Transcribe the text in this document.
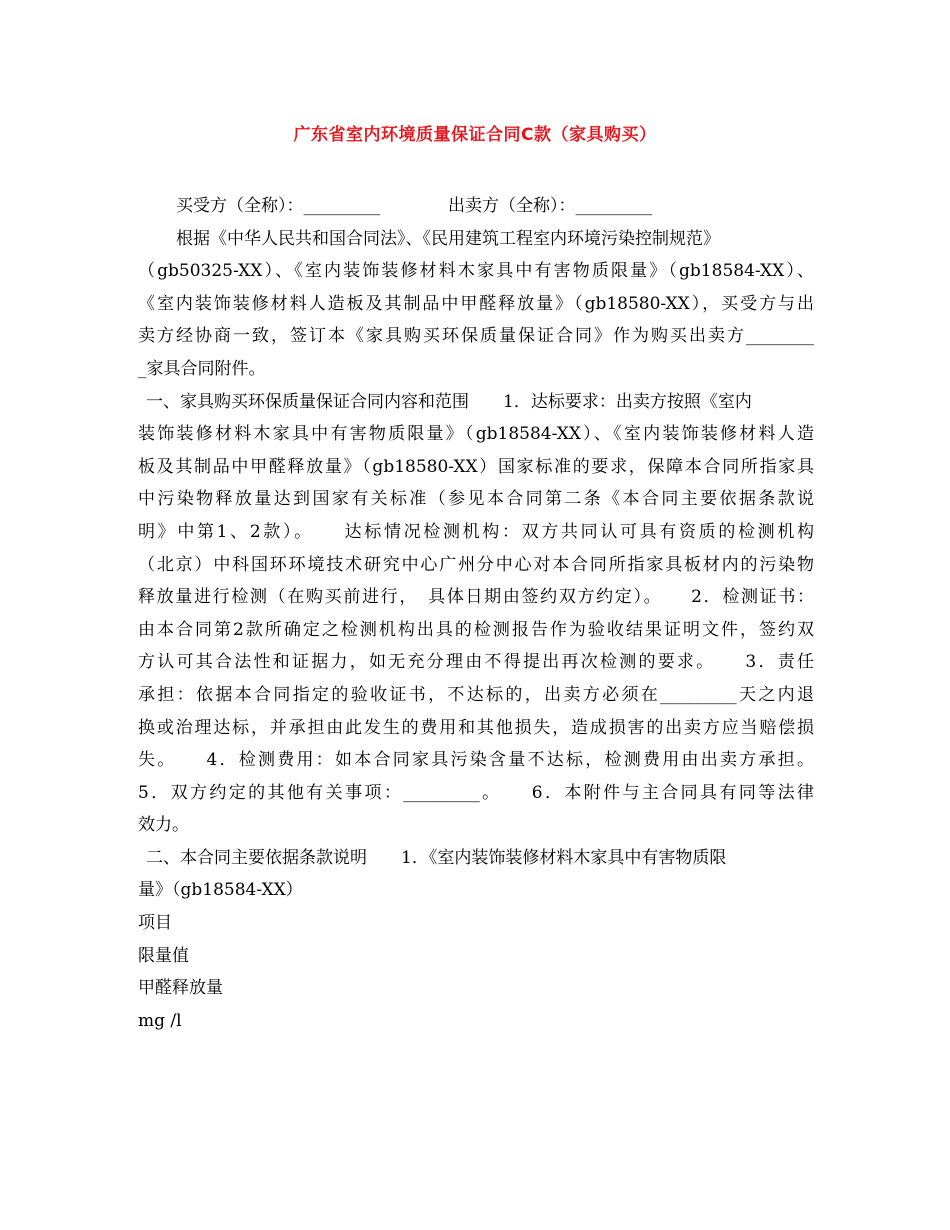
广东省室内环境质量保证合同C款（家具购买）
买受方（全称）：_________	出卖方（全称）：_________
根据《中华人民共和国合同法》、《民用建筑工程室内环境污染控制规范》
（gb50325-XX）、《室内装饰装修材料木家具中有害物质限量》（gb18584-XX）、
《室内装饰装修材料人造板及其制品中甲醛释放量》（gb18580-XX），买受方与出
卖方经协商一致，签订本《家具购买环保质量保证合同》作为购买出卖方________
_家具合同附件。
一、家具购买环保质量保证合同内容和范围　　1．达标要求：出卖方按照《室内
装饰装修材料木家具中有害物质限量》（gb18584-XX）、《室内装饰装修材料人造
板及其制品中甲醛释放量》（gb18580-XX）国家标准的要求，保障本合同所指家具
中污染物释放量达到国家有关标准（参见本合同第二条《本合同主要依据条款说
明》中第1、2款）。　　达标情况检测机构：双方共同认可具有资质的检测机构
（北京）中科国环环境技术研究中心广州分中心对本合同所指家具板材内的污染物
释放量进行检测（在购买前进行，　具体日期由签约双方约定）。　　2．检测证书：
由本合同第2款所确定之检测机构出具的检测报告作为验收结果证明文件，签约双
方认可其合法性和证据力，如无充分理由不得提出再次检测的要求。　　3．责任
承担：依据本合同指定的验收证书，不达标的，出卖方必须在_________天之内退
换或治理达标，并承担由此发生的费用和其他损失，造成损害的出卖方应当赔偿损
失。　　4．检测费用：如本合同家具污染含量不达标，检测费用由出卖方承担。
5．双方约定的其他有关事项：_________。　　6．本附件与主合同具有同等法律
效力。
二、本合同主要依据条款说明　　1．《室内装饰装修材料木家具中有害物质限
量》（gb18584-XX）
项目
限量值
甲醛释放量
mg /l
